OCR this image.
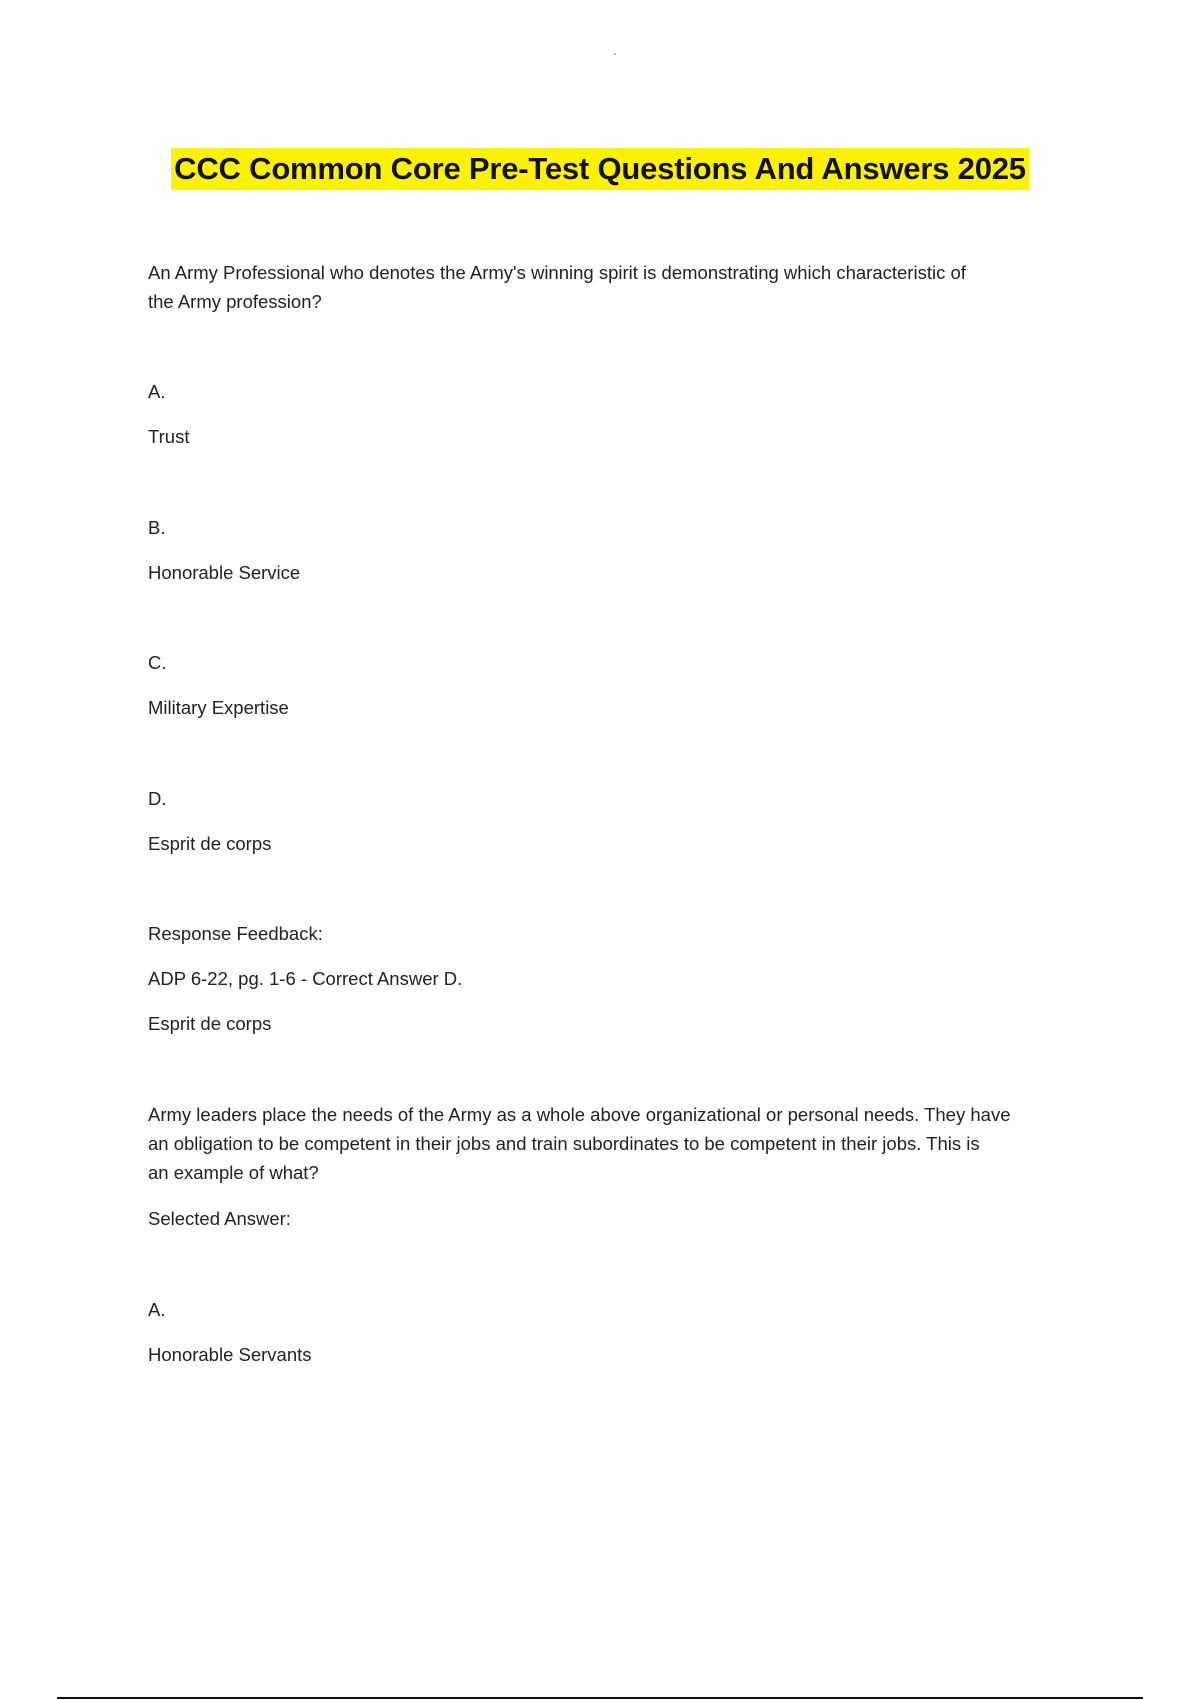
CCC Common Core Pre-Test Questions And Answers 2025
An Army Professional who denotes the Army's winning spirit is demonstrating which characteristic of
the Army profession?
A.
Trust
B.
Honorable Service
C.
Military Expertise
D.
Esprit de corps
Response Feedback:
ADP 6-22, pg. 1-6 - Correct Answer D.
Esprit de corps
Army leaders place the needs of the Army as a whole above organizational or personal needs. They have
an obligation to be competent in their jobs and train subordinates to be competent in their jobs. This is
an example of what?
Selected Answer:
A.
Honorable Servants
